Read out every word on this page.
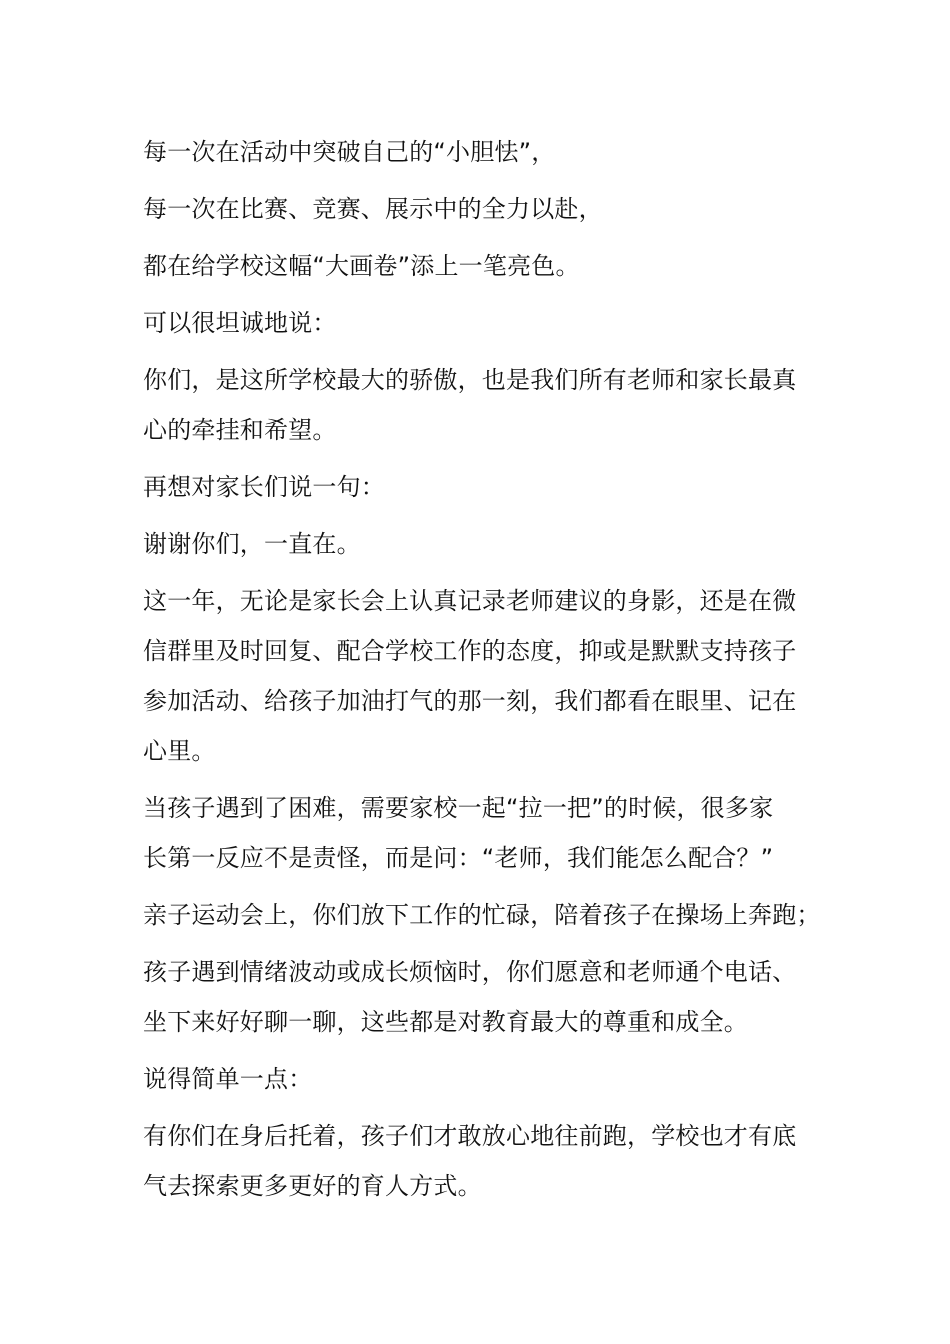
每一次在活动中突破自己的“小胆怯”，
每一次在比赛、竞赛、展示中的全力以赴，
都在给学校这幅“大画卷”添上一笔亮色。
可以很坦诚地说：
你们，是这所学校最大的骄傲，也是我们所有老师和家长最真
心的牵挂和希望。
再想对家长们说一句：
谢谢你们，一直在。
这一年，无论是家长会上认真记录老师建议的身影，还是在微
信群里及时回复、配合学校工作的态度，抑或是默默支持孩子
参加活动、给孩子加油打气的那一刻，我们都看在眼里、记在
心里。
当孩子遇到了困难，需要家校一起“拉一把”的时候，很多家
长第一反应不是责怪，而是问：“老师，我们能怎么配合？”
亲子运动会上，你们放下工作的忙碌，陪着孩子在操场上奔跑；
孩子遇到情绪波动或成长烦恼时，你们愿意和老师通个电话、
坐下来好好聊一聊，这些都是对教育最大的尊重和成全。
说得简单一点：
有你们在身后托着，孩子们才敢放心地往前跑，学校也才有底
气去探索更多更好的育人方式。
